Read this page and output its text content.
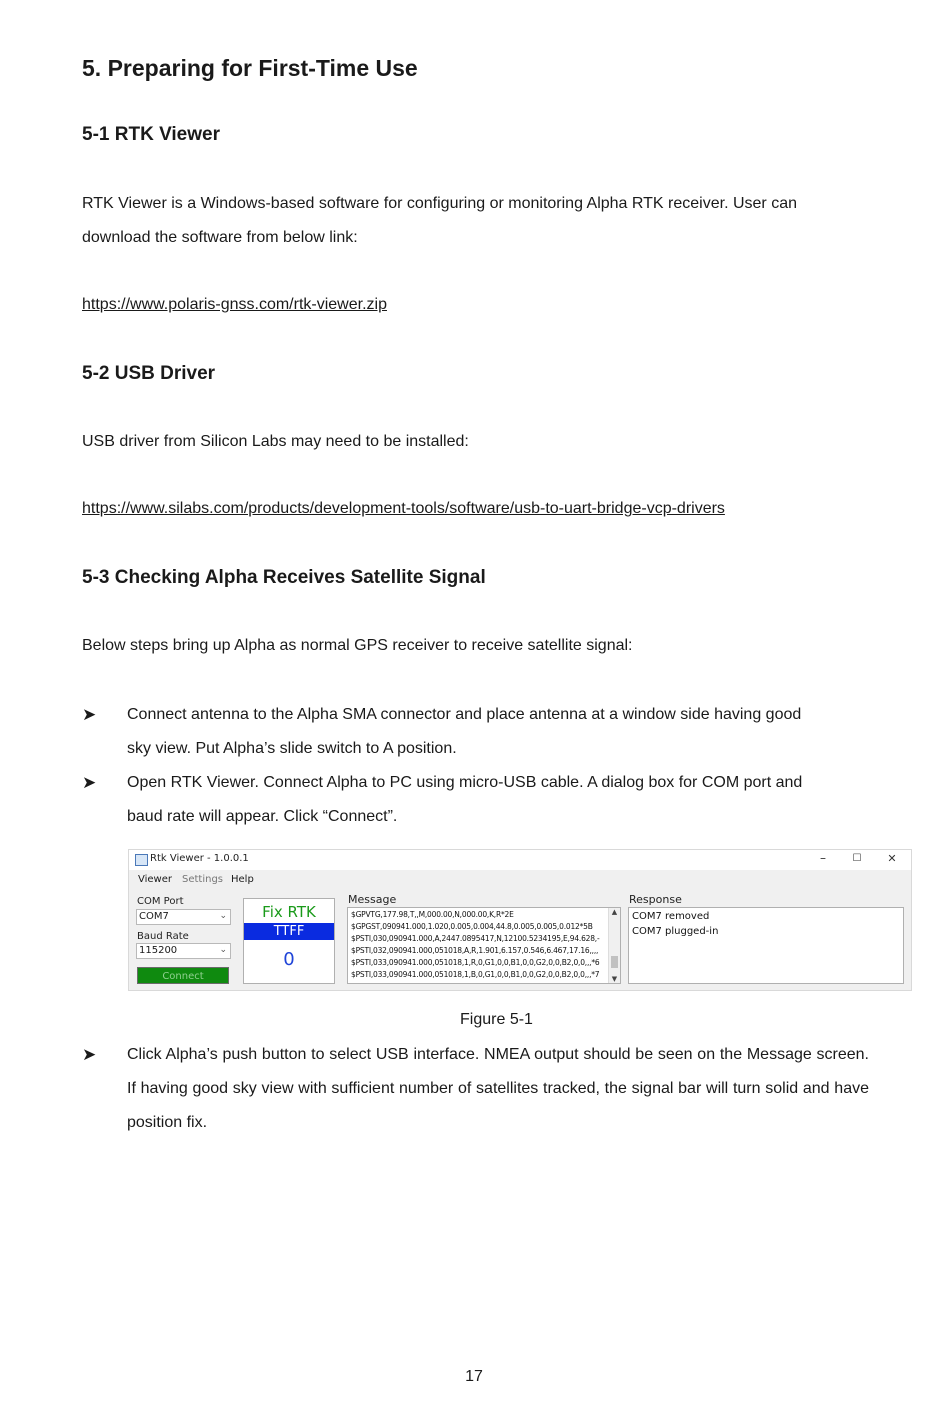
5. Preparing for First-Time Use
5-1 RTK Viewer
RTK Viewer is a Windows-based software for configuring or monitoring Alpha RTK receiver. User can
download the software from below link:
https://www.polaris-gnss.com/rtk-viewer.zip
5-2 USB Driver
USB driver from Silicon Labs may need to be installed:
https://www.silabs.com/products/development-tools/software/usb-to-uart-bridge-vcp-drivers
5-3 Checking Alpha Receives Satellite Signal
Below steps bring up Alpha as normal GPS receiver to receive satellite signal:
➤ Connect antenna to the Alpha SMA connector and place antenna at a window side having good
sky view. Put Alpha’s slide switch to A position.
➤ Open RTK Viewer. Connect Alpha to PC using micro-USB cable. A dialog box for COM port and
baud rate will appear. Click “Connect”.
Rtk Viewer - 1.0.0.1	–	☐	✕
Viewer Settings Help
COM Port
COM7	⌄
Baud Rate
115200	⌄
Connect
Fix RTK
TTFF
0
Message
$GPVTG,177.98,T,,M,000.00,N,000.00,K,R*2E
$GPGST,090941.000,1.020,0.005,0.004,44.8,0.005,0.005,0.012*5B
$PSTI,030,090941.000,A,2447.0895417,N,12100.5234195,E,94.628,-
$PSTI,032,090941.000,051018,A,R,1.901,6.157,0.546,6.467,17.16,,,,
$PSTI,033,090941.000,051018,1,R,0,G1,0,0,B1,0,0,G2,0,0,B2,0,0,,,*6
$PSTI,033,090941.000,051018,1,B,0,G1,0,0,B1,0,0,G2,0,0,B2,0,0,,,*7
▲
▼
Response
COM7 removed
COM7 plugged-in
Figure 5-1
➤ Click Alpha’s push button to select USB interface. NMEA output should be seen on the Message screen. If having good sky view with sufficient number of satellites tracked, the signal bar will turn solid and have position fix.
17
